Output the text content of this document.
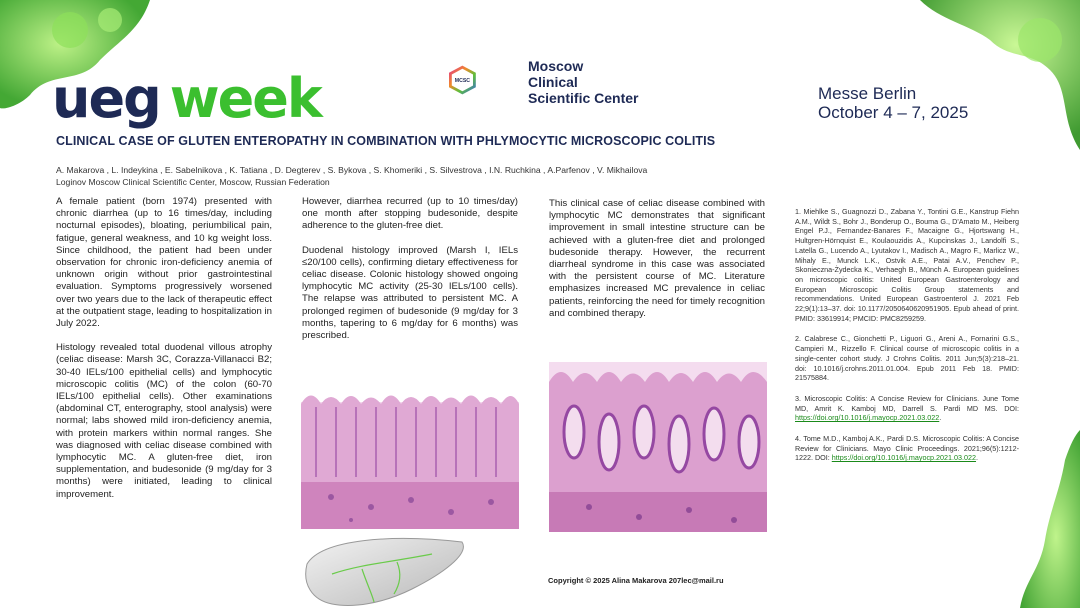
ueg week	MCSC
Moscow
Clinical
Scientific Center	Messe Berlin
October 4 – 7, 2025
CLINICAL CASE OF GLUTEN ENTEROPATHY IN COMBINATION WITH PHLYMOCYTIC MICROSCOPIC COLITIS
A. Makarova , L. Indeykina , E. Sabelnikova , K. Tatiana , D. Degterev , S. Bykova , S. Khomeriki , S. Silvestrova , I.N. Ruchkina , A.Parfenov , V. Mikhailova
Loginov Moscow Clinical Scientific Center, Moscow, Russian Federation

A female patient (born 1974) presented with chronic diarrhea (up to 16 times/day, including nocturnal episodes), bloating, periumbilical pain, fatigue, general weakness, and 10 kg weight loss. Since childhood, the patient had been under observation for chronic iron-deficiency anemia of unknown origin without prior gastrointestinal evaluation. Symptoms progressively worsened over two years due to the lack of therapeutic effect at the outpatient stage, leading to hospitalization in July 2022.

Histology revealed total duodenal villous atrophy (celiac disease: Marsh 3C, Corazza-Villanacci B2; 30-40 IELs/100 epithelial cells) and lymphocytic microscopic colitis (MC) of the colon (60-70 IELs/100 epithelial cells). Other examinations (abdominal CT, enterography, stool analysis) were normal; labs showed mild iron-deficiency anemia, with protein markers within normal ranges. She was diagnosed with celiac disease combined with lymphocytic MC. A gluten-free diet, iron supplementation, and budesonide (9 mg/day for 3 months) were initiated, leading to clinical improvement.

However, diarrhea recurred (up to 10 times/day) one month after stopping budesonide, despite adherence to the gluten-free diet.

Duodenal histology improved (Marsh I, IELs ≤20/100 cells), confirming dietary effectiveness for celiac disease. Colonic histology showed ongoing lymphocytic MC activity (25-30 IELs/100 cells). The relapse was attributed to persistent MC. A prolonged regimen of budesonide (9 mg/day for 3 months, tapering to 6 mg/day for 6 months) was prescribed.

This clinical case of celiac disease combined with lymphocytic MC demonstrates that significant improvement in small intestine structure can be achieved with a gluten-free diet and prolonged budesonide therapy. However, the recurrent diarrheal syndrome in this case was associated with the persistent course of MC. Literature emphasizes increased MC prevalence in celiac patients, reinforcing the need for timely recognition and combined therapy.

1. Miehlke S., Guagnozzi D., Zabana Y., Tontini G.E., Kanstrup Fiehn A.M., Wildt S., Bohr J., Bonderup O., Bouma G., D'Amato M., Heiberg Engel P.J., Fernandez-Banares F., Macaigne G., Hjortswang H., Hultgren-Hörnquist E., Koulaouzidis A., Kupcinskas J., Landolfi S., Latella G., Lucendo A., Lyutakov I., Madisch A., Magro F., Marlicz W., Mihaly E., Munck L.K., Ostvik A.E., Patai A.V., Penchev P., Skonieczna-Żydecka K., Verhaegh B., Münch A. European guidelines on microscopic colitis: United European Gastroenterology and European Microscopic Colitis Group statements and recommendations. United European Gastroenterol J. 2021 Feb 22;9(1):13–37. doi: 10.1177/2050640620951905. Epub ahead of print. PMID: 33619914; PMCID: PMC8259259.

2. Calabrese C., Gionchetti P., Liguori G., Areni A., Fornarini G.S., Campieri M., Rizzello F. Clinical course of microscopic colitis in a single-center cohort study. J Crohns Colitis. 2011 Jun;5(3):218–21. doi: 10.1016/j.crohns.2011.01.004. Epub 2011 Feb 18. PMID: 21575884.

3. Microscopic Colitis: A Concise Review for Clinicians. June Tome MD, Amrit K. Kamboj MD, Darrell S. Pardi MD MS. DOI: https://doi.org/10.1016/j.mayocp.2021.03.022.

4. Tome M.D., Kamboj A.K., Pardi D.S. Microscopic Colitis: A Concise Review for Clinicians. Mayo Clinic Proceedings. 2021;96(5):1212-1222. DOI: https://doi.org/10.1016/j.mayocp.2021.03.022.

Copyright © 2025 Alina Makarova 207lec@mail.ru
